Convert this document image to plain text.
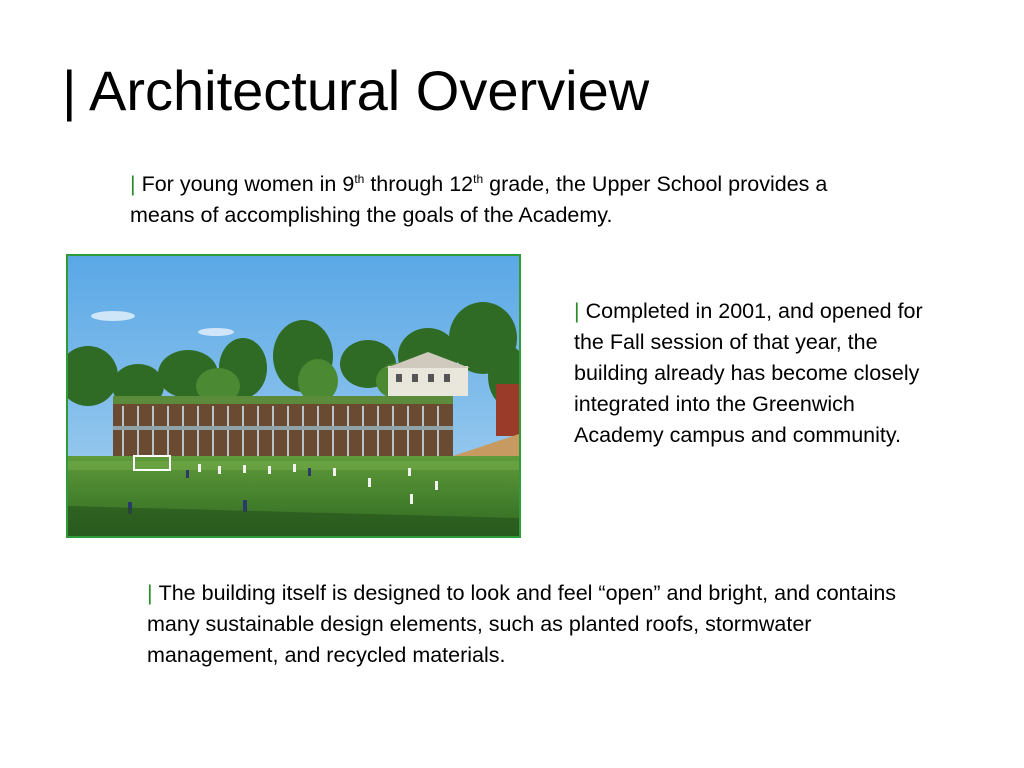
| Architectural Overview

| For young women in 9th through 12th grade, the Upper School provides a means of accomplishing the goals of the Academy.

| Completed in 2001, and opened for the Fall session of that year, the building already has become closely integrated into the Greenwich Academy campus and community.

| The building itself is designed to look and feel “open” and bright, and contains many sustainable design elements, such as planted roofs, stormwater management, and recycled materials.
